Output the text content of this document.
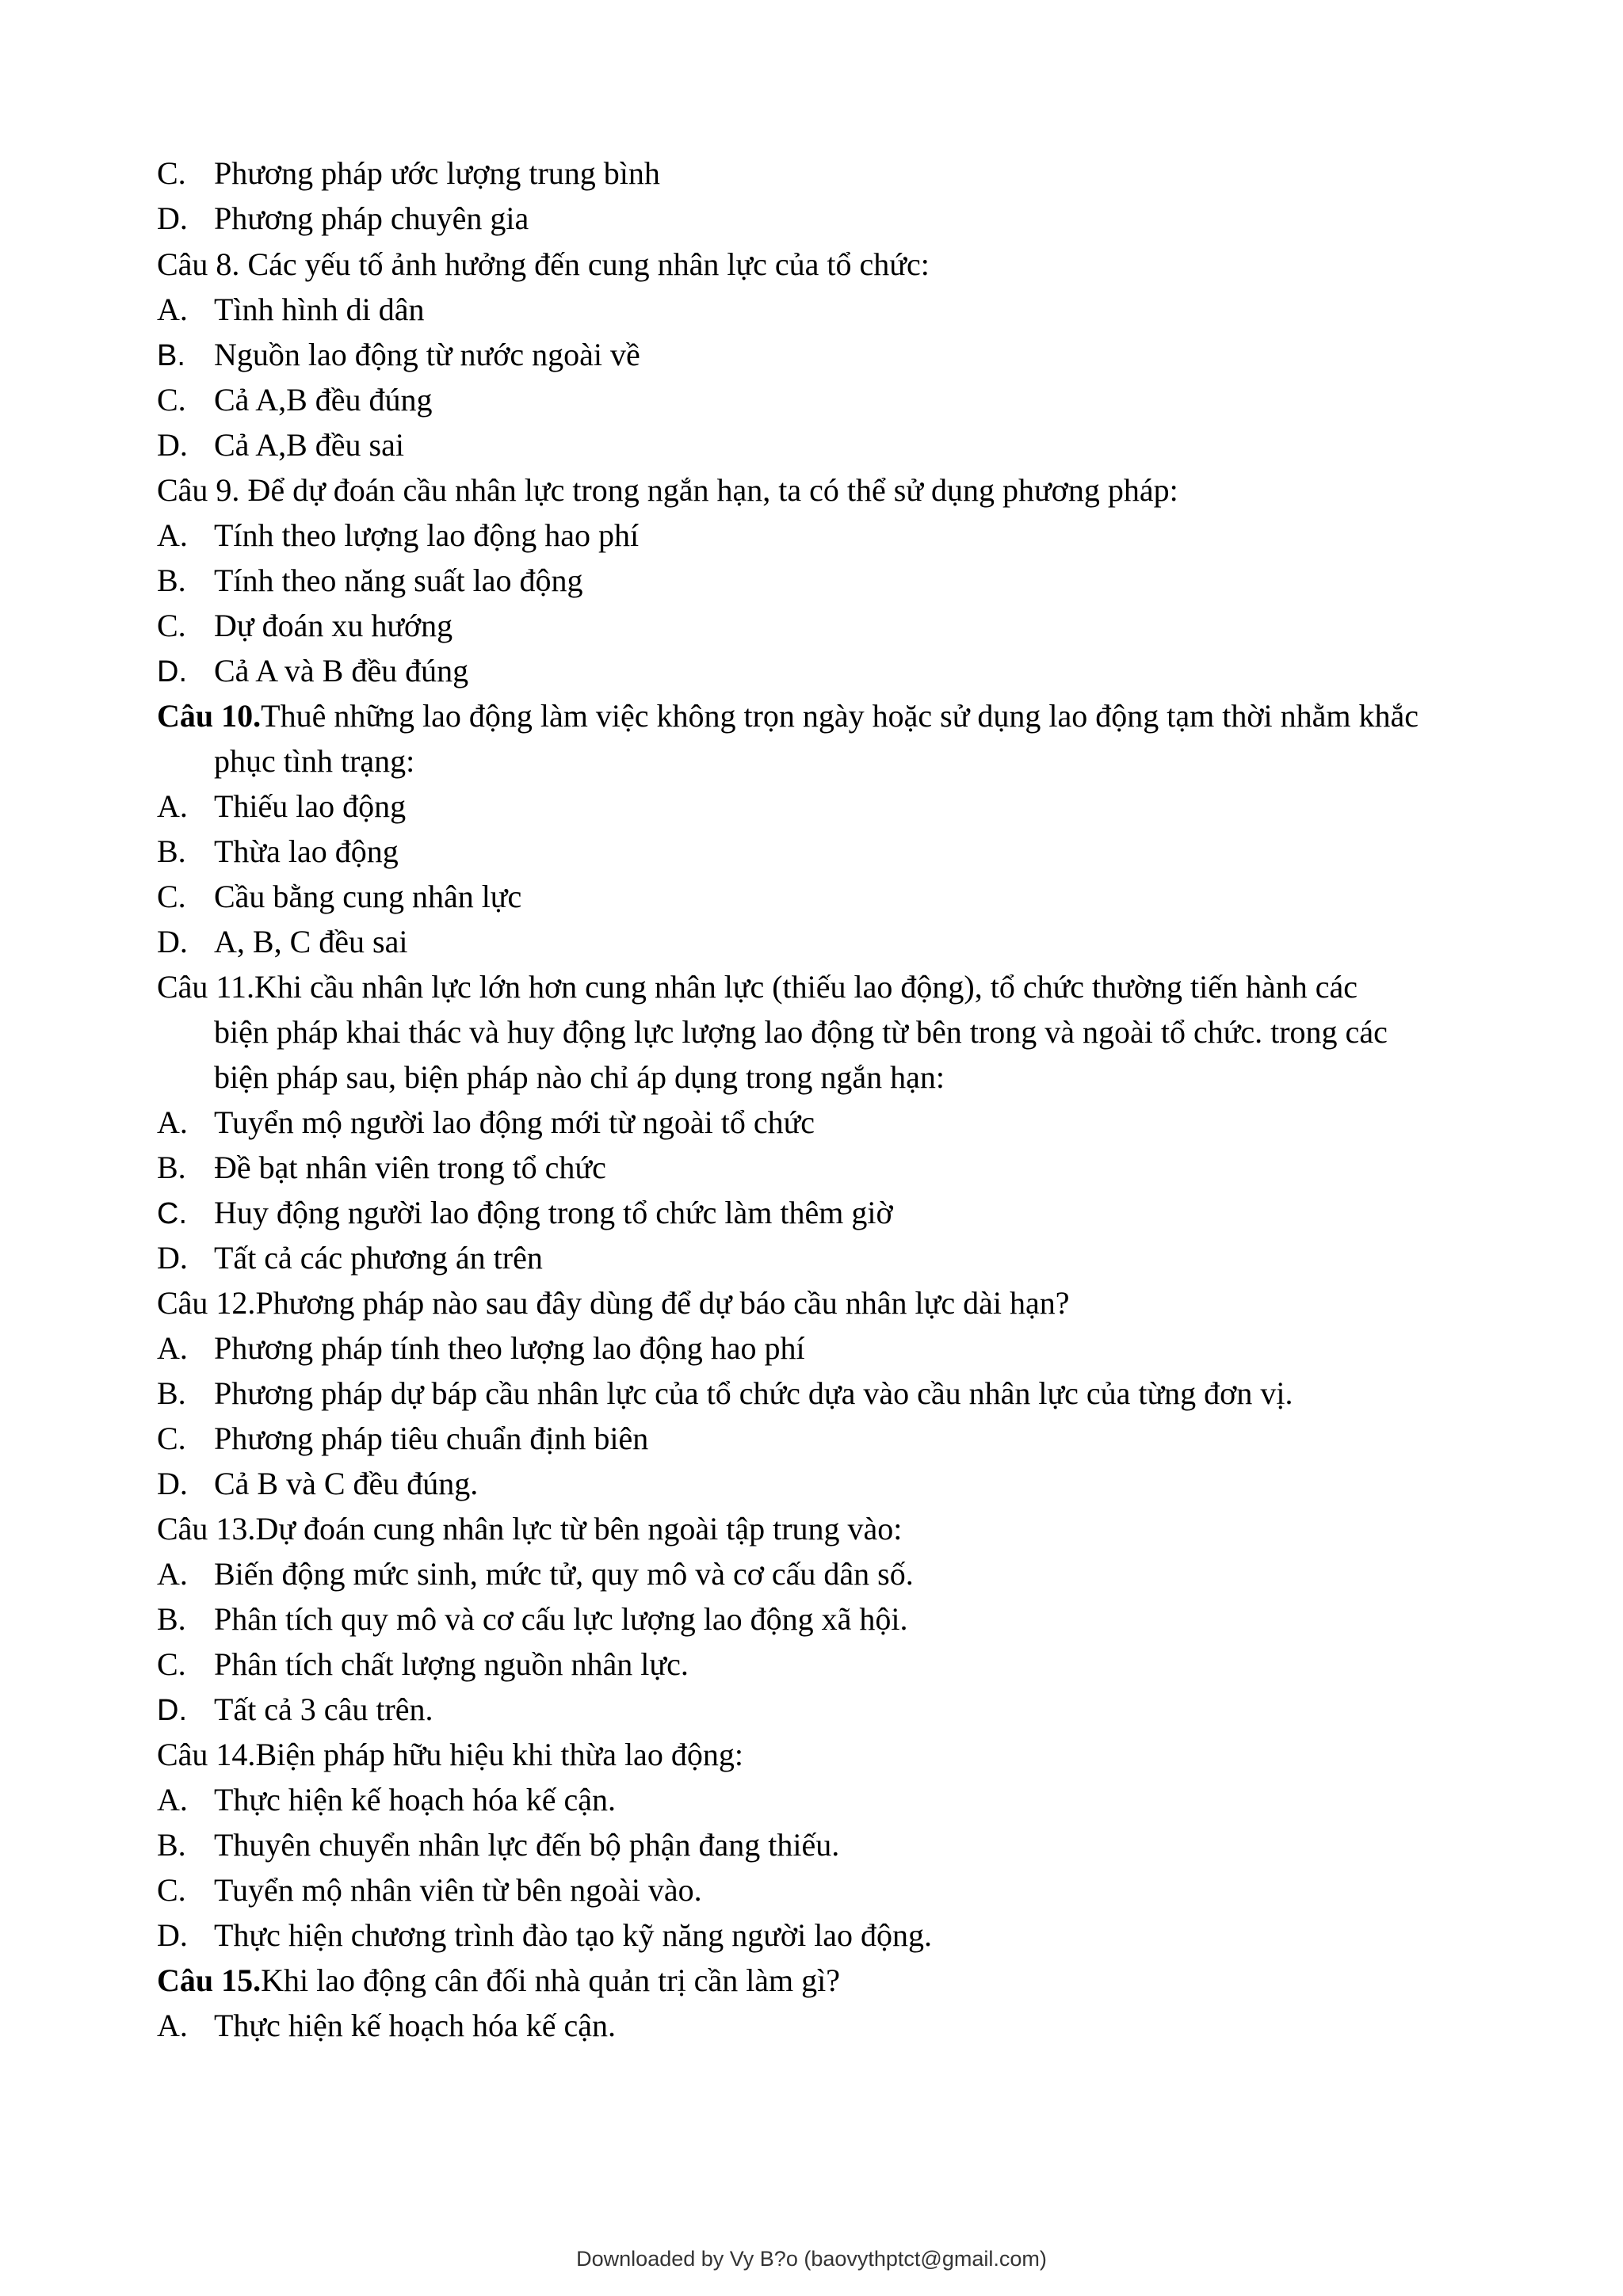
C. Phương pháp ước lượng trung bình
D. Phương pháp chuyên gia
Câu 8. Các yếu tố ảnh hưởng đến cung nhân lực của tổ chức:
A. Tình hình di dân
B. Nguồn lao động từ nước ngoài về
C. Cả A,B đều đúng
D. Cả A,B đều sai
Câu 9. Để dự đoán cầu nhân lực trong ngắn hạn, ta có thể sử dụng phương pháp:
A. Tính theo lượng lao động hao phí
B. Tính theo năng suất lao động
C. Dự đoán xu hướng
D. Cả A và B đều đúng
Câu 10.Thuê những lao động làm việc không trọn ngày hoặc sử dụng lao động tạm thời nhằm khắc
phục tình trạng:
A. Thiếu lao động
B. Thừa lao động
C. Cầu bằng cung nhân lực
D. A, B, C đều sai
Câu 11.Khi cầu nhân lực lớn hơn cung nhân lực (thiếu lao động), tổ chức thường tiến hành các
biện pháp khai thác và huy động lực lượng lao động từ bên trong và ngoài tổ chức. trong các
biện pháp sau, biện pháp nào chỉ áp dụng trong ngắn hạn:
A. Tuyển mộ người lao động mới từ ngoài tổ chức
B. Đề bạt nhân viên trong tổ chức
C. Huy động người lao động trong tổ chức làm thêm giờ
D. Tất cả các phương án trên
Câu 12.Phương pháp nào sau đây dùng để dự báo cầu nhân lực dài hạn?
A. Phương pháp tính theo lượng lao động hao phí
B. Phương pháp dự báp cầu nhân lực của tổ chức dựa vào cầu nhân lực của từng đơn vị.
C. Phương pháp tiêu chuẩn định biên
D. Cả B và C đều đúng.
Câu 13.Dự đoán cung nhân lực từ bên ngoài tập trung vào:
A. Biến động mức sinh, mức tử, quy mô và cơ cấu dân số.
B. Phân tích quy mô và cơ cấu lực lượng lao động xã hội.
C. Phân tích chất lượng nguồn nhân lực.
D. Tất cả 3 câu trên.
Câu 14.Biện pháp hữu hiệu khi thừa lao động:
A. Thực hiện kế hoạch hóa kế cận.
B. Thuyên chuyển nhân lực đến bộ phận đang thiếu.
C. Tuyển mộ nhân viên từ bên ngoài vào.
D. Thực hiện chương trình đào tạo kỹ năng người lao động.
Câu 15.Khi lao động cân đối nhà quản trị cần làm gì?
A. Thực hiện kế hoạch hóa kế cận.
Downloaded by Vy B?o (baovythptct@gmail.com)
